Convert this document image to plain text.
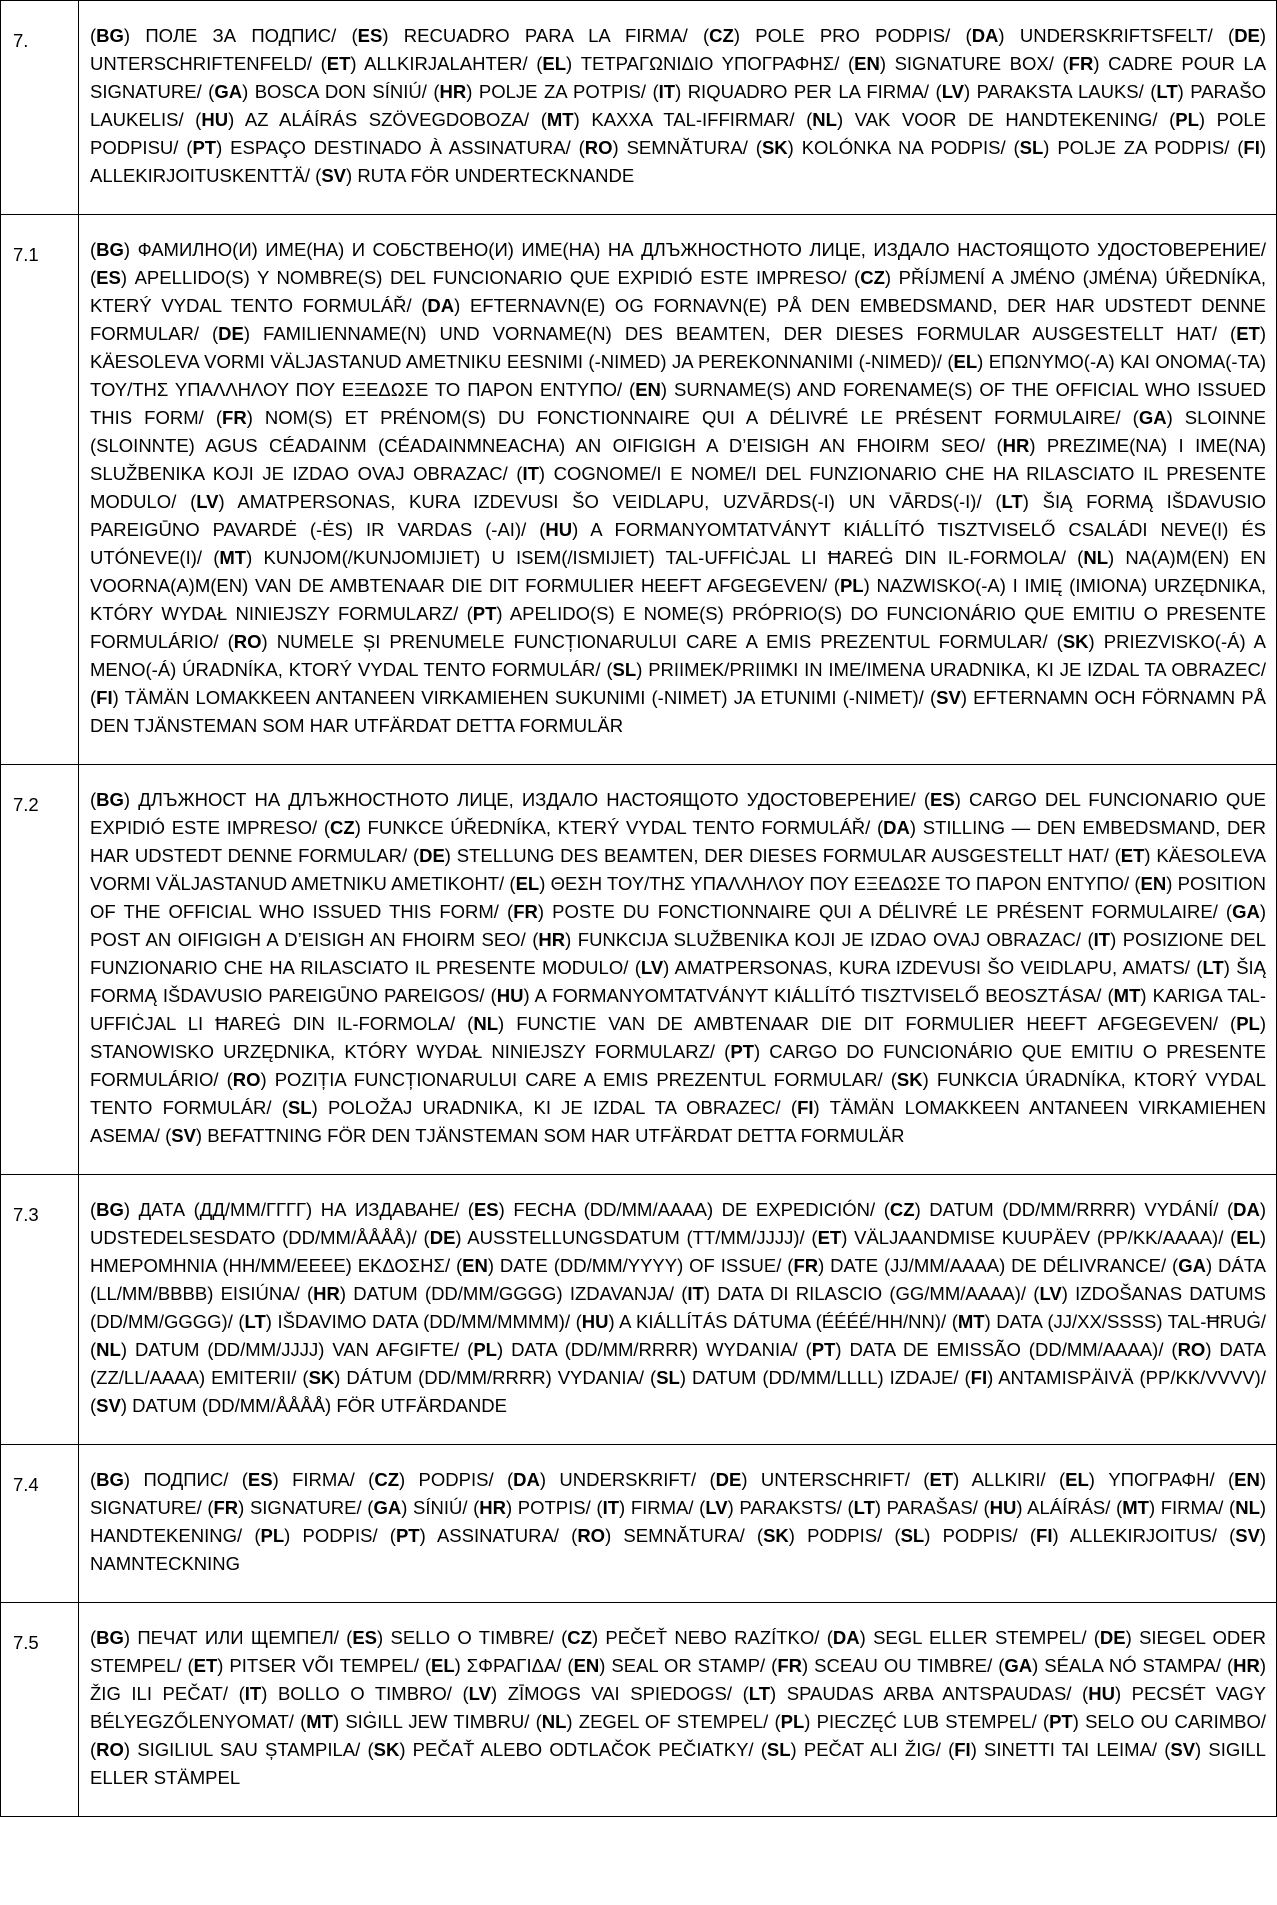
7.	(BG) ПОЛЕ ЗА ПОДПИС/ (ES) RECUADRO PARA LA FIRMA/ (CZ) POLE PRO PODPIS/ (DA) UNDERSKRIFTSFELT/ (DE) UNTERSCHRIFTENFELD/ (ET) ALLKIRJALAHTER/ (EL) ΤΕΤΡΑΓΩΝΙΔΙΟ ΥΠΟΓΡΑΦΗΣ/ (EN) SIGNATURE BOX/ (FR) CADRE POUR LA SIGNATURE/ (GA) BOSCA DON SÍNIÚ/ (HR) POLJE ZA POTPIS/ (IT) RIQUADRO PER LA FIRMA/ (LV) PARAKSTA LAUKS/ (LT) PARAŠO LAUKELIS/ (HU) AZ ALÁÍRÁS SZÖVEGDOBOZA/ (MT) KAXXA TAL-IFFIRMAR/ (NL) VAK VOOR DE HANDTEKENING/ (PL) POLE PODPISU/ (PT) ESPAÇO DESTINADO À ASSINATURA/ (RO) SEMNĂTURA/ (SK) KOLÓNKA NA PODPIS/ (SL) POLJE ZA PODPIS/ (FI) ALLEKIRJOITUSKENTTÄ/ (SV) RUTA FÖR UNDERTECKNANDE
7.1	(BG) ФАМИЛНО(И) ИМЕ(НА) И СОБСТВЕНО(И) ИМЕ(НА) НА ДЛЪЖНОСТНОТО ЛИЦЕ, ИЗДАЛО НАСТОЯЩОТО УДОСТОВЕРЕНИЕ/ (ES) APELLIDO(S) Y NOMBRE(S) DEL FUNCIONARIO QUE EXPIDIÓ ESTE IMPRESO/ (CZ) PŘÍJMENÍ A JMÉNO (JMÉNA) ÚŘEDNÍKA, KTERÝ VYDAL TENTO FORMULÁŘ/ (DA) EFTERNAVN(E) OG FORNAVN(E) PÅ DEN EMBEDSMAND, DER HAR UDSTEDT DENNE FORMULAR/ (DE) FAMILIENNAME(N) UND VORNAME(N) DES BEAMTEN, DER DIESES FORMULAR AUSGESTELLT HAT/ (ET) KÄESOLEVA VORMI VÄLJASTANUD AMETNIKU EESNIMI (-NIMED) JA PEREKONNANIMI (-NIMED)/ (EL) ΕΠΩΝΥΜΟ(-Α) ΚΑΙ ΟΝΟΜΑ(-ΤΑ) ΤΟΥ/ΤΗΣ ΥΠΑΛΛΗΛΟΥ ΠΟΥ ΕΞΕΔΩΣΕ ΤΟ ΠΑΡΟΝ ΕΝΤΥΠΟ/ (EN) SURNAME(S) AND FORENAME(S) OF THE OFFICIAL WHO ISSUED THIS FORM/ (FR) NOM(S) ET PRÉNOM(S) DU FONCTIONNAIRE QUI A DÉLIVRÉ LE PRÉSENT FORMULAIRE/ (GA) SLOINNE (SLOINNTE) AGUS CÉADAINM (CÉADAINMNEACHA) AN OIFIGIGH A D’EISIGH AN FHOIRM SEO/ (HR) PREZIME(NA) I IME(NA) SLUŽBENIKA KOJI JE IZDAO OVAJ OBRAZAC/ (IT) COGNOME/I E NOME/I DEL FUNZIONARIO CHE HA RILASCIATO IL PRESENTE MODULO/ (LV) AMATPERSONAS, KURA IZDEVUSI ŠO VEIDLAPU, UZVĀRDS(-I) UN VĀRDS(-I)/ (LT) ŠIĄ FORMĄ IŠDAVUSIO PAREIGŪNO PAVARDĖ (-ĖS) IR VARDAS (-AI)/ (HU) A FORMANYOMTATVÁNYT KIÁLLÍTÓ TISZTVISELŐ CSALÁDI NEVE(I) ÉS UTÓNEVE(I)/ (MT) KUNJOM(/KUNJOMIJIET) U ISEM(/ISMIJIET) TAL-UFFIĊJAL LI ĦAREĠ DIN IL-FORMOLA/ (NL) NA(A)M(EN) EN VOORNA(A)M(EN) VAN DE AMBTENAAR DIE DIT FORMULIER HEEFT AFGEGEVEN/ (PL) NAZWISKO(-A) I IMIĘ (IMIONA) URZĘDNIKA, KTÓRY WYDAŁ NINIEJSZY FORMULARZ/ (PT) APELIDO(S) E NOME(S) PRÓPRIO(S) DO FUNCIONÁRIO QUE EMITIU O PRESENTE FORMULÁRIO/ (RO) NUMELE ȘI PRENUMELE FUNCȚIONARULUI CARE A EMIS PREZENTUL FORMULAR/ (SK) PRIEZVISKO(-Á) A MENO(-Á) ÚRADNÍKA, KTORÝ VYDAL TENTO FORMULÁR/ (SL) PRIIMEK/PRIIMKI IN IME/IMENA URADNIKA, KI JE IZDAL TA OBRAZEC/ (FI) TÄMÄN LOMAKKEEN ANTANEEN VIRKAMIEHEN SUKUNIMI (-NIMET) JA ETUNIMI (-NIMET)/ (SV) EFTERNAMN OCH FÖRNAMN PÅ DEN TJÄNSTEMAN SOM HAR UTFÄRDAT DETTA FORMULÄR
7.2	(BG) ДЛЪЖНОСТ НА ДЛЪЖНОСТНОТО ЛИЦЕ, ИЗДАЛО НАСТОЯЩОТО УДОСТОВЕРЕНИЕ/ (ES) CARGO DEL FUNCIONARIO QUE EXPIDIÓ ESTE IMPRESO/ (CZ) FUNKCE ÚŘEDNÍKA, KTERÝ VYDAL TENTO FORMULÁŘ/ (DA) STILLING — DEN EMBEDSMAND, DER HAR UDSTEDT DENNE FORMULAR/ (DE) STELLUNG DES BEAMTEN, DER DIESES FORMULAR AUSGESTELLT HAT/ (ET) KÄESOLEVA VORMI VÄLJASTANUD AMETNIKU AMETIKOHT/ (EL) ΘΕΣΗ ΤΟΥ/ΤΗΣ ΥΠΑΛΛΗΛΟΥ ΠΟΥ ΕΞΕΔΩΣΕ ΤΟ ΠΑΡΟΝ ΕΝΤΥΠΟ/ (EN) POSITION OF THE OFFICIAL WHO ISSUED THIS FORM/ (FR) POSTE DU FONCTIONNAIRE QUI A DÉLIVRÉ LE PRÉSENT FORMULAIRE/ (GA) POST AN OIFIGIGH A D’EISIGH AN FHOIRM SEO/ (HR) FUNKCIJA SLUŽBENIKA KOJI JE IZDAO OVAJ OBRAZAC/ (IT) POSIZIONE DEL FUNZIONARIO CHE HA RILASCIATO IL PRESENTE MODULO/ (LV) AMATPERSONAS, KURA IZDEVUSI ŠO VEIDLAPU, AMATS/ (LT) ŠIĄ FORMĄ IŠDAVUSIO PAREIGŪNO PAREIGOS/ (HU) A FORMANYOMTATVÁNYT KIÁLLÍTÓ TISZTVISELŐ BEOSZTÁSA/ (MT) KARIGA TAL-UFFIĊJAL LI ĦAREĠ DIN IL-FORMOLA/ (NL) FUNCTIE VAN DE AMBTENAAR DIE DIT FORMULIER HEEFT AFGEGEVEN/ (PL) STANOWISKO URZĘDNIKA, KTÓRY WYDAŁ NINIEJSZY FORMULARZ/ (PT) CARGO DO FUNCIONÁRIO QUE EMITIU O PRESENTE FORMULÁRIO/ (RO) POZIȚIA FUNCȚIONARULUI CARE A EMIS PREZENTUL FORMULAR/ (SK) FUNKCIA ÚRADNÍKA, KTORÝ VYDAL TENTO FORMULÁR/ (SL) POLOŽAJ URADNIKA, KI JE IZDAL TA OBRAZEC/ (FI) TÄMÄN LOMAKKEEN ANTANEEN VIRKAMIEHEN ASEMA/ (SV) BEFATTNING FÖR DEN TJÄNSTEMAN SOM HAR UTFÄRDAT DETTA FORMULÄR
7.3	(BG) ДАТА (ДД/ММ/ГГГГ) НА ИЗДАВАНЕ/ (ES) FECHA (DD/MM/AAAA) DE EXPEDICIÓN/ (CZ) DATUM (DD/MM/RRRR) VYDÁNÍ/ (DA) UDSTEDELSESDATO (DD/MM/ÅÅÅÅ)/ (DE) AUSSTELLUNGSDATUM (TT/MM/JJJJ)/ (ET) VÄLJAANDMISE KUUPÄEV (PP/KK/AAAA)/ (EL) ΗΜΕΡΟΜΗΝΙΑ (ΗΗ/ΜΜ/ΕΕΕΕ) ΕΚΔΟΣΗΣ/ (EN) DATE (DD/MM/YYYY) OF ISSUE/ (FR) DATE (JJ/MM/AAAA) DE DÉLIVRANCE/ (GA) DÁTA (LL/MM/BBBB) EISIÚNA/ (HR) DATUM (DD/MM/GGGG) IZDAVANJA/ (IT) DATA DI RILASCIO (GG/MM/AAAA)/ (LV) IZDOŠANAS DATUMS (DD/MM/GGGG)/ (LT) IŠDAVIMO DATA (DD/MM/MMMM)/ (HU) A KIÁLLÍTÁS DÁTUMA (ÉÉÉÉ/HH/NN)/ (MT) DATA (JJ/XX/SSSS) TAL-ĦRUĠ/ (NL) DATUM (DD/MM/JJJJ) VAN AFGIFTE/ (PL) DATA (DD/MM/RRRR) WYDANIA/ (PT) DATA DE EMISSÃO (DD/MM/AAAA)/ (RO) DATA (ZZ/LL/AAAA) EMITERII/ (SK) DÁTUM (DD/MM/RRRR) VYDANIA/ (SL) DATUM (DD/MM/LLLL) IZDAJE/ (FI) ANTAMISPÄIVÄ (PP/KK/VVVV)/ (SV) DATUM (DD/MM/ÅÅÅÅ) FÖR UTFÄRDANDE
7.4	(BG) ПОДПИС/ (ES) FIRMA/ (CZ) PODPIS/ (DA) UNDERSKRIFT/ (DE) UNTERSCHRIFT/ (ET) ALLKIRI/ (EL) ΥΠΟΓΡΑΦΗ/ (EN) SIGNATURE/ (FR) SIGNATURE/ (GA) SÍNIÚ/ (HR) POTPIS/ (IT) FIRMA/ (LV) PARAKSTS/ (LT) PARAŠAS/ (HU) ALÁÍRÁS/ (MT) FIRMA/ (NL) HANDTEKENING/ (PL) PODPIS/ (PT) ASSINATURA/ (RO) SEMNĂTURA/ (SK) PODPIS/ (SL) PODPIS/ (FI) ALLEKIRJOITUS/ (SV) NAMNTECKNING
7.5	(BG) ПЕЧАТ ИЛИ ЩЕМПЕЛ/ (ES) SELLO O TIMBRE/ (CZ) PEČEŤ NEBO RAZÍTKO/ (DA) SEGL ELLER STEMPEL/ (DE) SIEGEL ODER STEMPEL/ (ET) PITSER VÕI TEMPEL/ (EL) ΣΦΡΑΓΙΔΑ/ (EN) SEAL OR STAMP/ (FR) SCEAU OU TIMBRE/ (GA) SÉALA NÓ STAMPA/ (HR) ŽIG ILI PEČAT/ (IT) BOLLO O TIMBRO/ (LV) ZĪMOGS VAI SPIEDOGS/ (LT) SPAUDAS ARBA ANTSPAUDAS/ (HU) PECSÉT VAGY BÉLYEGZŐLENYOMAT/ (MT) SIĠILL JEW TIMBRU/ (NL) ZEGEL OF STEMPEL/ (PL) PIECZĘĆ LUB STEMPEL/ (PT) SELO OU CARIMBO/ (RO) SIGILIUL SAU ȘTAMPILA/ (SK) PEČAŤ ALEBO ODTLAČOK PEČIATKY/ (SL) PEČAT ALI ŽIG/ (FI) SINETTI TAI LEIMA/ (SV) SIGILL ELLER STÄMPEL
